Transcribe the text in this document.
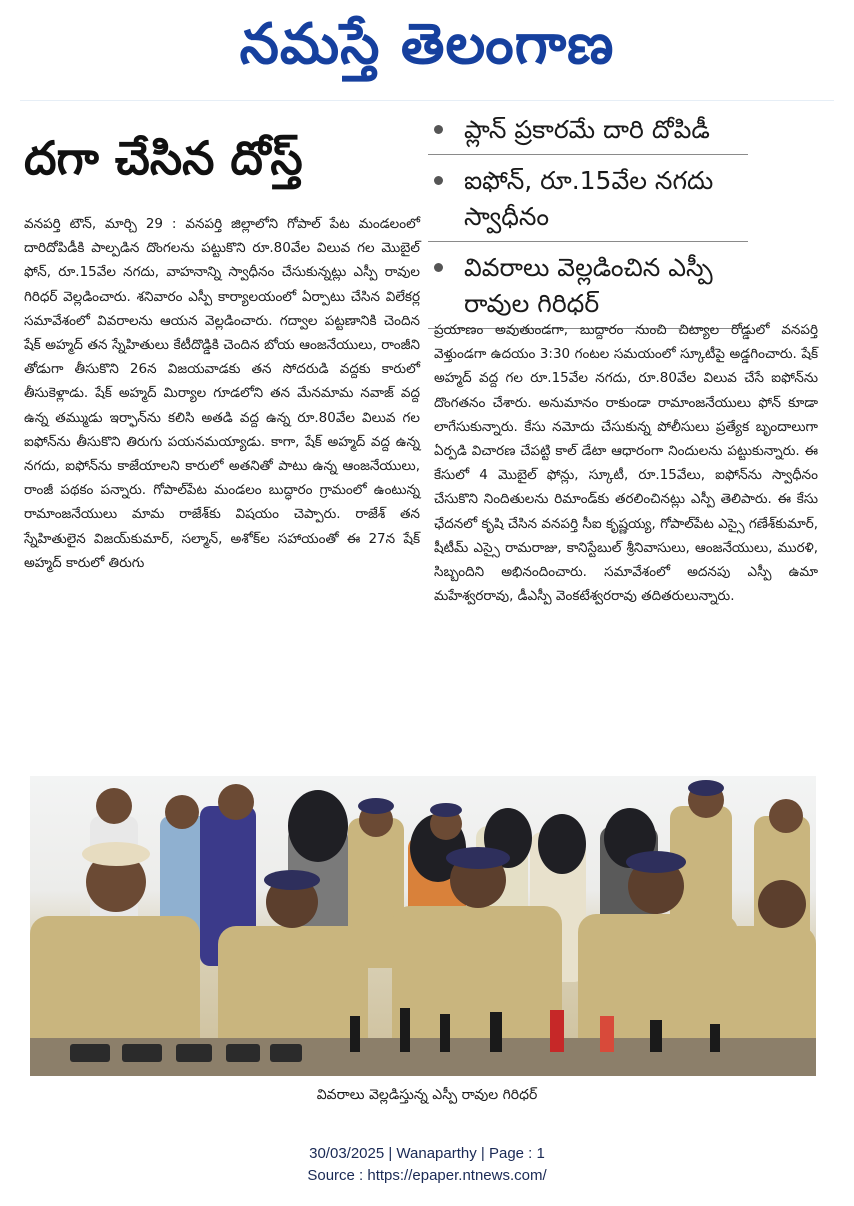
నమస్తే తెలంగాణ
దగా చేసిన దోస్త్
ప్లాన్ ప్రకారమే దారి దోపిడీ
ఐఫోన్, రూ.15వేల నగదు స్వాధీనం
వివరాలు వెల్లడించిన ఎస్పీ రావుల గిరిధర్

వనపర్తి టౌన్, మార్చి 29 : వనపర్తి జిల్లాలోని గోపాల్ పేట మండలంలో దారిదోపిడీకి పాల్పడిన దొంగలను పట్టుకొని రూ.80వేల విలువ గల మొబైల్ ఫోన్, రూ.15వేల నగదు, వాహనాన్ని స్వాధీనం చేసుకున్నట్లు ఎస్పీ రావుల గిరిధర్ వెల్లడించారు. శనివారం ఎస్పీ కార్యాలయంలో ఏర్పాటు చేసిన విలేకర్ల సమావేశంలో వివరాలను ఆయన వెల్లడించారు. గద్వాల పట్టణానికి చెందిన షేక్ అహ్మద్ తన స్నేహితులు కేటీదొడ్డికి చెందిన బోయ ఆంజనేయులు, రాంజీని తోడుగా తీసుకొని 26న విజయవాడకు తన సోదరుడి వద్దకు కారులో తీసుకెళ్లాడు. షేక్ అహ్మద్ మిర్యాల గూడలోని తన మేనమామ నవాజ్ వద్ద ఉన్న తమ్ముడు ఇర్ఫాన్‌ను కలిసి అతడి వద్ద ఉన్న రూ.80వేల విలువ గల ఐఫోన్‌ను తీసుకొని తిరుగు పయనమయ్యాడు. కాగా, షేక్ అహ్మద్ వద్ద ఉన్న నగదు, ఐఫోన్‌ను కాజేయాలని కారులో అతనితో పాటు ఉన్న ఆంజనేయులు, రాంజీ పథకం పన్నారు. గోపాల్‌పేట మండలం బుద్ధారం గ్రామంలో ఉంటున్న రామాంజనేయులు మామ రాజేశ్‌కు విషయం చెప్పారు. రాజేశ్ తన స్నేహితులైన విజయ్‌కుమార్, సల్మాన్, అశోక్‌ల సహాయంతో ఈ 27న షేక్ అహ్మద్ కారులో తిరుగు

ప్రయాణం అవుతుండగా, బుద్దారం నుంచి చిట్యాల రోడ్డులో వనపర్తి వెళ్తుండగా ఉదయం 3:30 గంటల సమయంలో స్కూటీపై అడ్డగించారు. షేక్ అహ్మద్ వద్ద గల రూ.15వేల నగదు, రూ.80వేల విలువ చేసే ఐఫోన్‌ను దొంగతనం చేశారు. అనుమానం రాకుండా రామాంజనేయులు ఫోన్ కూడా లాగేసుకున్నారు. కేసు నమోదు చేసుకున్న పోలీసులు ప్రత్యేక బృందాలుగా ఏర్పడి విచారణ చేపట్టి కాల్ డేటా ఆధారంగా నిందులను పట్టుకున్నారు. ఈ కేసులో 4 మొబైల్ ఫోన్లు, స్కూటీ, రూ.15వేలు, ఐఫోన్‌ను స్వాధీనం చేసుకొని నిందితులను రిమాండ్‌కు తరలించినట్లు ఎస్పీ తెలిపారు. ఈ కేసు ఛేదనలో కృషి చేసిన వనపర్తి సీఐ కృష్ణయ్య, గోపాల్‌పేట ఎస్సై గణేశ్‌కుమార్, షీటీమ్ ఎస్సై రామరాజు, కానిస్టేబుల్ శ్రీనివాసులు, ఆంజనేయులు, మురళి, సిబ్బందిని అభినందించారు. సమావేశంలో అదనపు ఎస్పీ ఉమా మహేశ్వరరావు, డీఎస్పీ వెంకటేశ్వరరావు తదితరులున్నారు.

వివరాలు వెల్లడిస్తున్న ఎస్పీ రావుల గిరిధర్
30/03/2025 | Wanaparthy | Page : 1
Source : https://epaper.ntnews.com/
